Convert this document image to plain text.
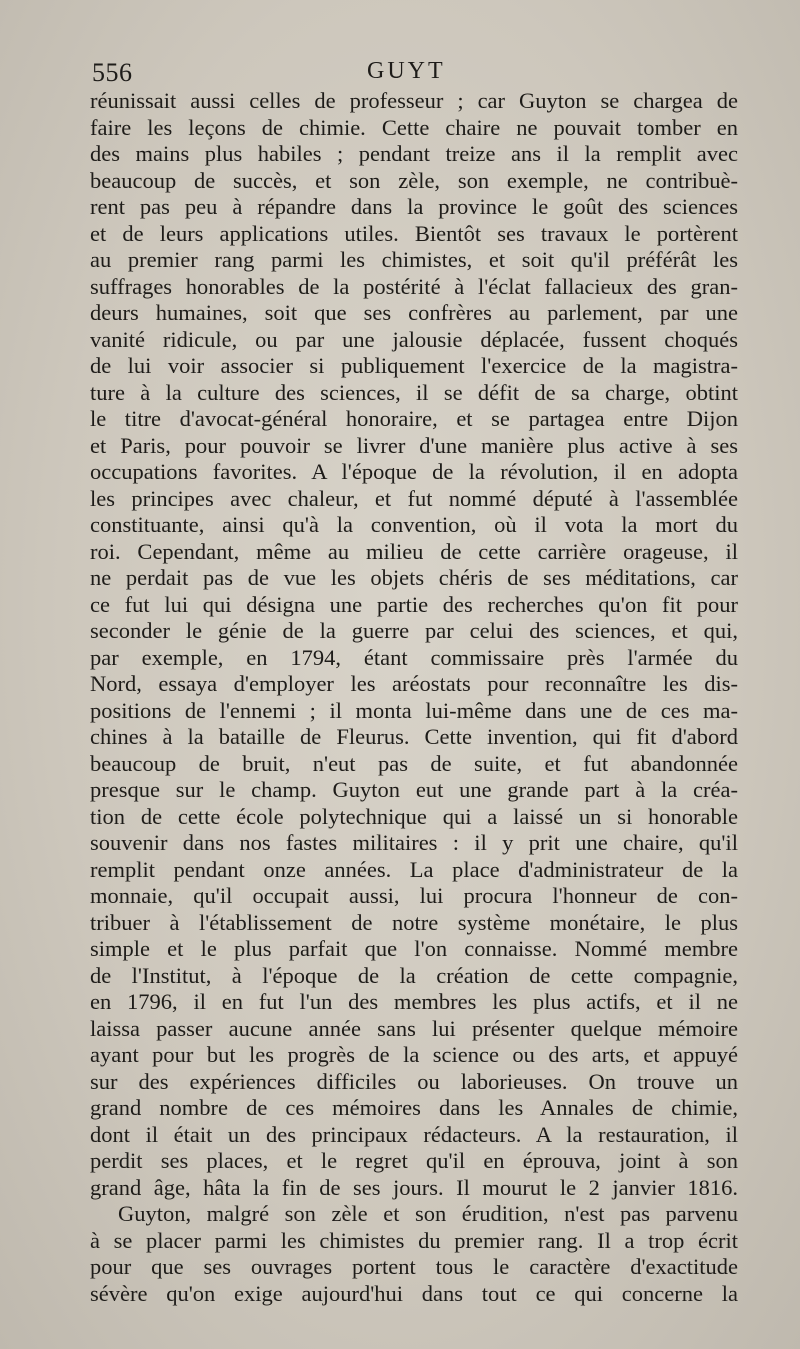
556	GUYT
réunissait aussi celles de professeur ; car Guyton se chargea de
faire les leçons de chimie. Cette chaire ne pouvait tomber en
des mains plus habiles ; pendant treize ans il la remplit avec
beaucoup de succès, et son zèle, son exemple, ne contribuè-
rent pas peu à répandre dans la province le goût des sciences
et de leurs applications utiles. Bientôt ses travaux le portèrent
au premier rang parmi les chimistes, et soit qu'il préférât les
suffrages honorables de la postérité à l'éclat fallacieux des gran-
deurs humaines, soit que ses confrères au parlement, par une
vanité ridicule, ou par une jalousie déplacée, fussent choqués
de lui voir associer si publiquement l'exercice de la magistra-
ture à la culture des sciences, il se défit de sa charge, obtint
le titre d'avocat-général honoraire, et se partagea entre Dijon
et Paris, pour pouvoir se livrer d'une manière plus active à ses
occupations favorites. A l'époque de la révolution, il en adopta
les principes avec chaleur, et fut nommé député à l'assemblée
constituante, ainsi qu'à la convention, où il vota la mort du
roi. Cependant, même au milieu de cette carrière orageuse, il
ne perdait pas de vue les objets chéris de ses méditations, car
ce fut lui qui désigna une partie des recherches qu'on fit pour
seconder le génie de la guerre par celui des sciences, et qui,
par exemple, en 1794, étant commissaire près l'armée du
Nord, essaya d'employer les aréostats pour reconnaître les dis-
positions de l'ennemi ; il monta lui-même dans une de ces ma-
chines à la bataille de Fleurus. Cette invention, qui fit d'abord
beaucoup de bruit, n'eut pas de suite, et fut abandonnée
presque sur le champ. Guyton eut une grande part à la créa-
tion de cette école polytechnique qui a laissé un si honorable
souvenir dans nos fastes militaires : il y prit une chaire, qu'il
remplit pendant onze années. La place d'administrateur de la
monnaie, qu'il occupait aussi, lui procura l'honneur de con-
tribuer à l'établissement de notre système monétaire, le plus
simple et le plus parfait que l'on connaisse. Nommé membre
de l'Institut, à l'époque de la création de cette compagnie,
en 1796, il en fut l'un des membres les plus actifs, et il ne
laissa passer aucune année sans lui présenter quelque mémoire
ayant pour but les progrès de la science ou des arts, et appuyé
sur des expériences difficiles ou laborieuses. On trouve un
grand nombre de ces mémoires dans les Annales de chimie,
dont il était un des principaux rédacteurs. A la restauration, il
perdit ses places, et le regret qu'il en éprouva, joint à son
grand âge, hâta la fin de ses jours. Il mourut le 2 janvier 1816.
Guyton, malgré son zèle et son érudition, n'est pas parvenu
à se placer parmi les chimistes du premier rang. Il a trop écrit
pour que ses ouvrages portent tous le caractère d'exactitude
sévère qu'on exige aujourd'hui dans tout ce qui concerne la
